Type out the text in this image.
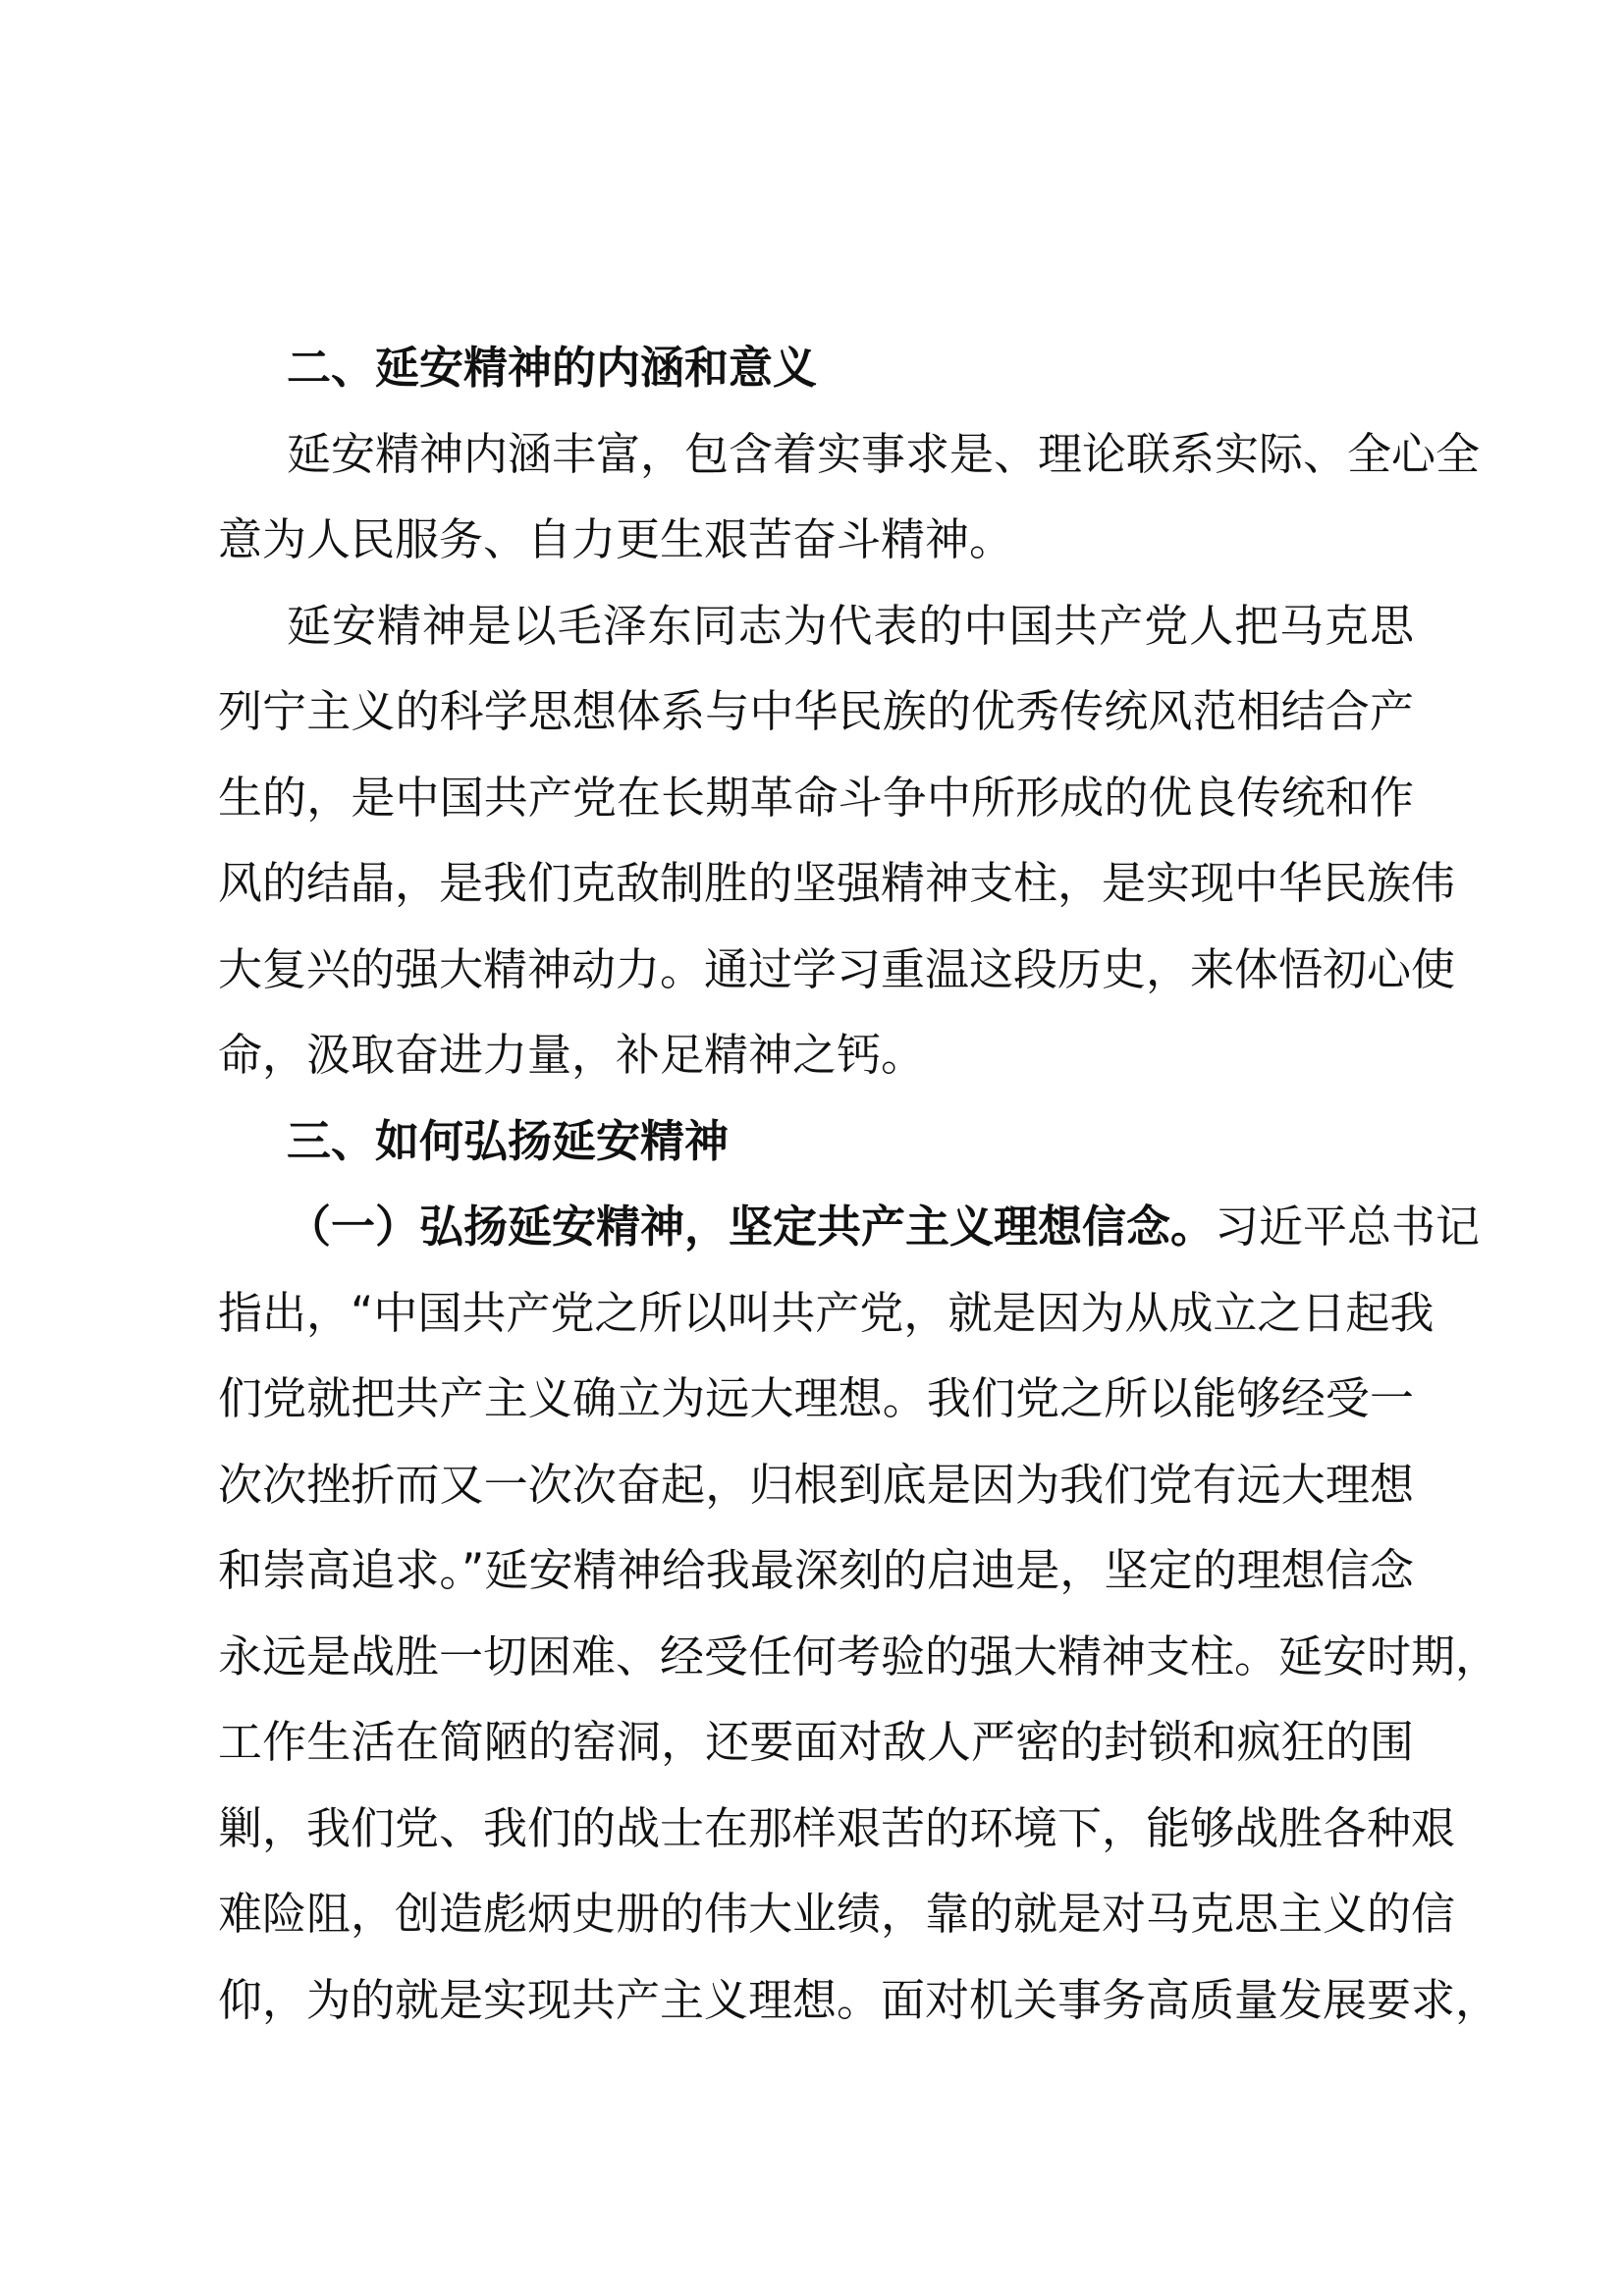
二、延安精神的内涵和意义
延安精神内涵丰富，包含着实事求是、理论联系实际、全心全
意为人民服务、自力更生艰苦奋斗精神。
延安精神是以毛泽东同志为代表的中国共产党人把马克思
列宁主义的科学思想体系与中华民族的优秀传统风范相结合产
生的，是中国共产党在长期革命斗争中所形成的优良传统和作
风的结晶，是我们克敌制胜的坚强精神支柱，是实现中华民族伟
大复兴的强大精神动力。通过学习重温这段历史，来体悟初心使
命，汲取奋进力量，补足精神之钙。
三、如何弘扬延安精神
（一）弘扬延安精神，坚定共产主义理想信念。习近平总书记
指出，“中国共产党之所以叫共产党，就是因为从成立之日起我
们党就把共产主义确立为远大理想。我们党之所以能够经受一
次次挫折而又一次次奋起，归根到底是因为我们党有远大理想
和崇高追求。”延安精神给我最深刻的启迪是，坚定的理想信念
永远是战胜一切困难、经受任何考验的强大精神支柱。延安时期，
工作生活在简陋的窑洞，还要面对敌人严密的封锁和疯狂的围
剿，我们党、我们的战士在那样艰苦的环境下，能够战胜各种艰
难险阻，创造彪炳史册的伟大业绩，靠的就是对马克思主义的信
仰，为的就是实现共产主义理想。面对机关事务高质量发展要求，
